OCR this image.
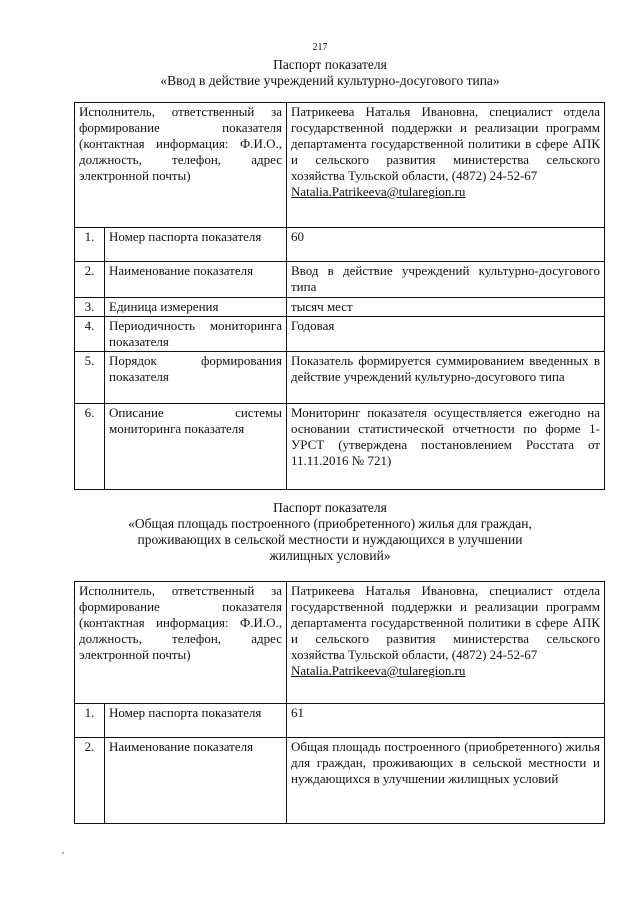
217
Паспорт показателя
«Ввод в действие учреждений культурно-досугового типа»
Исполнитель, ответственный за формирование показателя (контактная информация: Ф.И.О., должность, телефон, адрес электронной почты)		Патрикеева Наталья Ивановна, специалист отдела государственной поддержки и реализации программ департамента государственной политики в сфере АПК и сельского развития министерства сельского хозяйства Тульской области, (4872) 24-52-67
Natalia.Patrikeeva@tularegion.ru

1.	Номер паспорта показателя	60
2.	Наименование показателя	Ввод в действие учреждений культурно-досугового типа
3.	Единица измерения	тысяч мест
4.	Периодичность мониторинга показателя	Годовая
5.	Порядок формирования показателя	Показатель формируется суммированием введенных в действие учреждений культурно-досугового типа
6.	Описание системы мониторинга показателя	Мониторинг показателя осуществляется ежегодно на основании статистической отчетности по форме 1-УРСТ (утверждена постановлением Росстата от 11.11.2016 № 721)
Паспорт показателя
«Общая площадь построенного (приобретенного) жилья для граждан,
проживающих в сельской местности и нуждающихся в улучшении
жилищных условий»
Исполнитель, ответственный за формирование показателя (контактная информация: Ф.И.О., должность, телефон, адрес электронной почты)		Патрикеева Наталья Ивановна, специалист отдела государственной поддержки и реализации программ департамента государственной политики в сфере АПК и сельского развития министерства сельского хозяйства Тульской области, (4872) 24-52-67
Natalia.Patrikeeva@tularegion.ru

1.	Номер паспорта показателя	61
2.	Наименование показателя	Общая площадь построенного (приобретенного) жилья для граждан, проживающих в сельской местности и нуждающихся в улучшении жилищных условий
